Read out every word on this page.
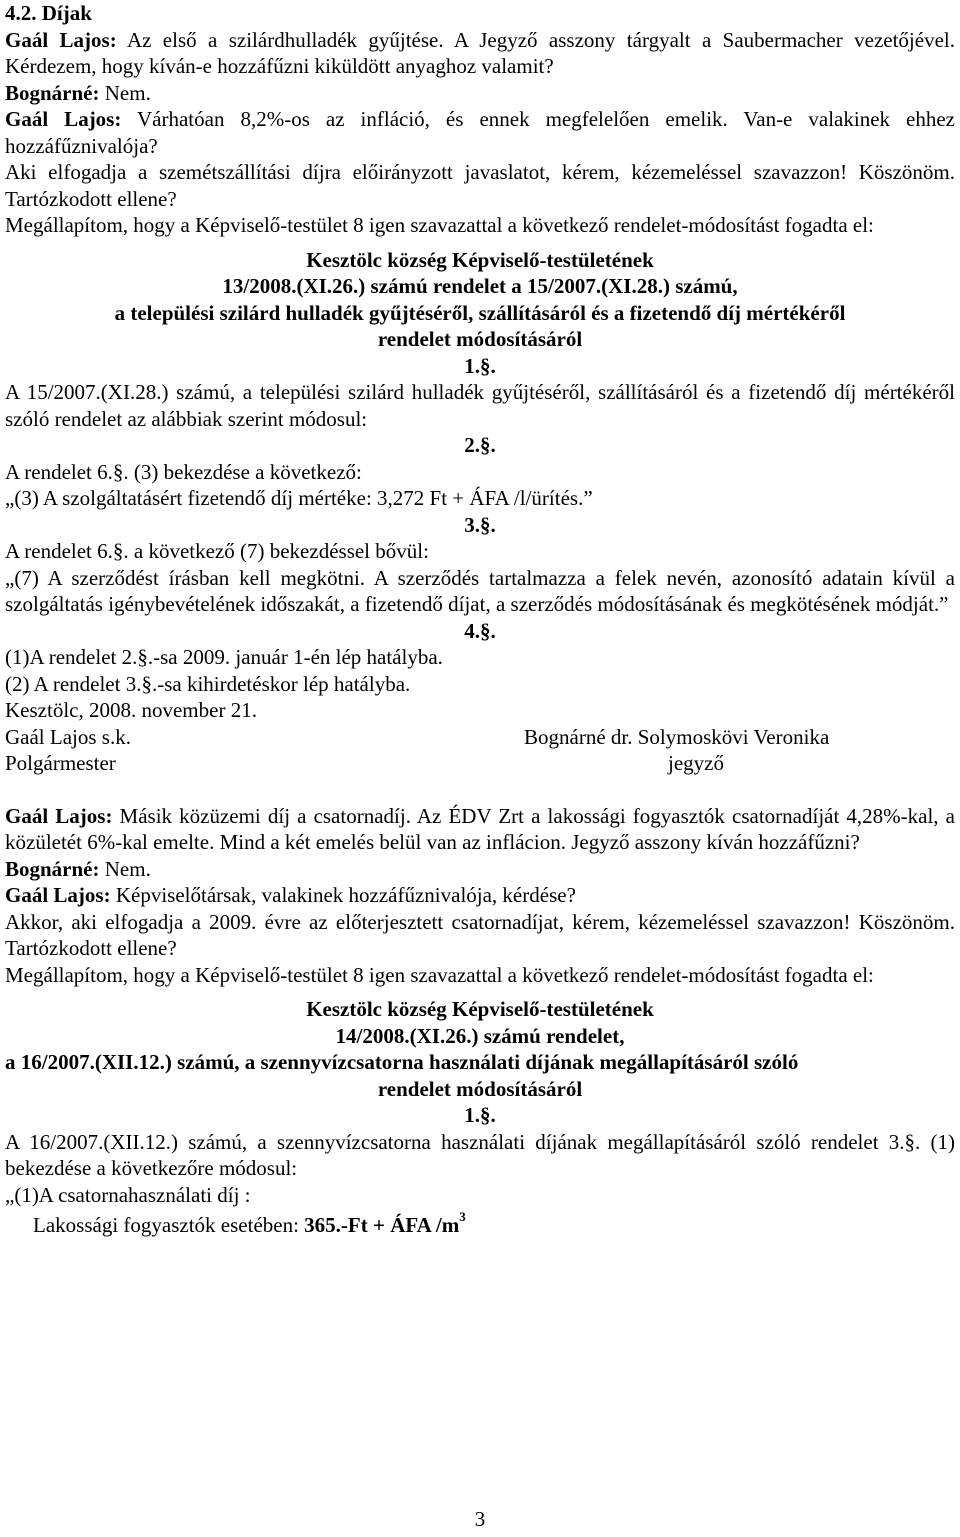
4.2. Díjak

Gaál Lajos: Az első a szilárdhulladék gyűjtése. A Jegyző asszony tárgyalt a Saubermacher vezetőjével. Kérdezem, hogy kíván-e hozzáfűzni kiküldött anyaghoz valamit?

Bognárné: Nem.

Gaál Lajos: Várhatóan 8,2%-os az infláció, és ennek megfelelően emelik. Van-e valakinek ehhez hozzáfűznivalója?

Aki elfogadja a szemétszállítási díjra előirányzott javaslatot, kérem, kézemeléssel szavazzon! Köszönöm. Tartózkodott ellene?

Megállapítom, hogy a Képviselő-testület 8 igen szavazattal a következő rendelet-módosítást fogadta el:

Kesztölc község Képviselő-testületének

13/2008.(XI.26.) számú rendelet a 15/2007.(XI.28.) számú,

a települési szilárd hulladék gyűjtéséről, szállításáról és a fizetendő díj mértékéről

rendelet módosításáról

1.§.

A 15/2007.(XI.28.) számú, a települési szilárd hulladék gyűjtéséről, szállításáról és a fizetendő díj mértékéről szóló rendelet az alábbiak szerint módosul:

2.§.

A rendelet 6.§. (3) bekezdése a következő:

„(3) A szolgáltatásért fizetendő díj mértéke: 3,272 Ft + ÁFA /l/ürítés.”

3.§.

A rendelet 6.§. a következő (7) bekezdéssel bővül:

„(7) A szerződést írásban kell megkötni. A szerződés tartalmazza a felek nevén, azonosító adatain kívül a szolgáltatás igénybevételének időszakát, a fizetendő díjat, a szerződés módosításának és megkötésének módját.”

4.§.

(1)A rendelet 2.§.-sa 2009. január 1-én lép hatályba.

(2) A rendelet 3.§.-sa kihirdetéskor lép hatályba.

Kesztölc, 2008. november 21.

Gaál Lajos s.k.	Bognárné dr. Solymoskövi Veronika
Polgármester	jegyző

Gaál Lajos: Másik közüzemi díj a csatornadíj. Az ÉDV Zrt a lakossági fogyasztók csatornadíját 4,28%-kal, a közületét 6%-kal emelte. Mind a két emelés belül van az inflácion. Jegyző asszony kíván hozzáfűzni?

Bognárné: Nem.

Gaál Lajos: Képviselőtársak, valakinek hozzáfűznivalója, kérdése?

Akkor, aki elfogadja a 2009. évre az előterjesztett csatornadíjat, kérem, kézemeléssel szavazzon! Köszönöm. Tartózkodott ellene?

Megállapítom, hogy a Képviselő-testület 8 igen szavazattal a következő rendelet-módosítást fogadta el:

Kesztölc község Képviselő-testületének

14/2008.(XI.26.) számú rendelet,

a 16/2007.(XII.12.) számú, a szennyvízcsatorna használati díjának megállapításáról szóló

rendelet módosításáról

1.§.

A 16/2007.(XII.12.) számú, a szennyvízcsatorna használati díjának megállapításáról szóló rendelet 3.§. (1) bekezdése a következőre módosul:

„(1)A csatornahasználati díj :

Lakossági fogyasztók esetében: 365.-Ft + ÁFA $/m^3$

3
